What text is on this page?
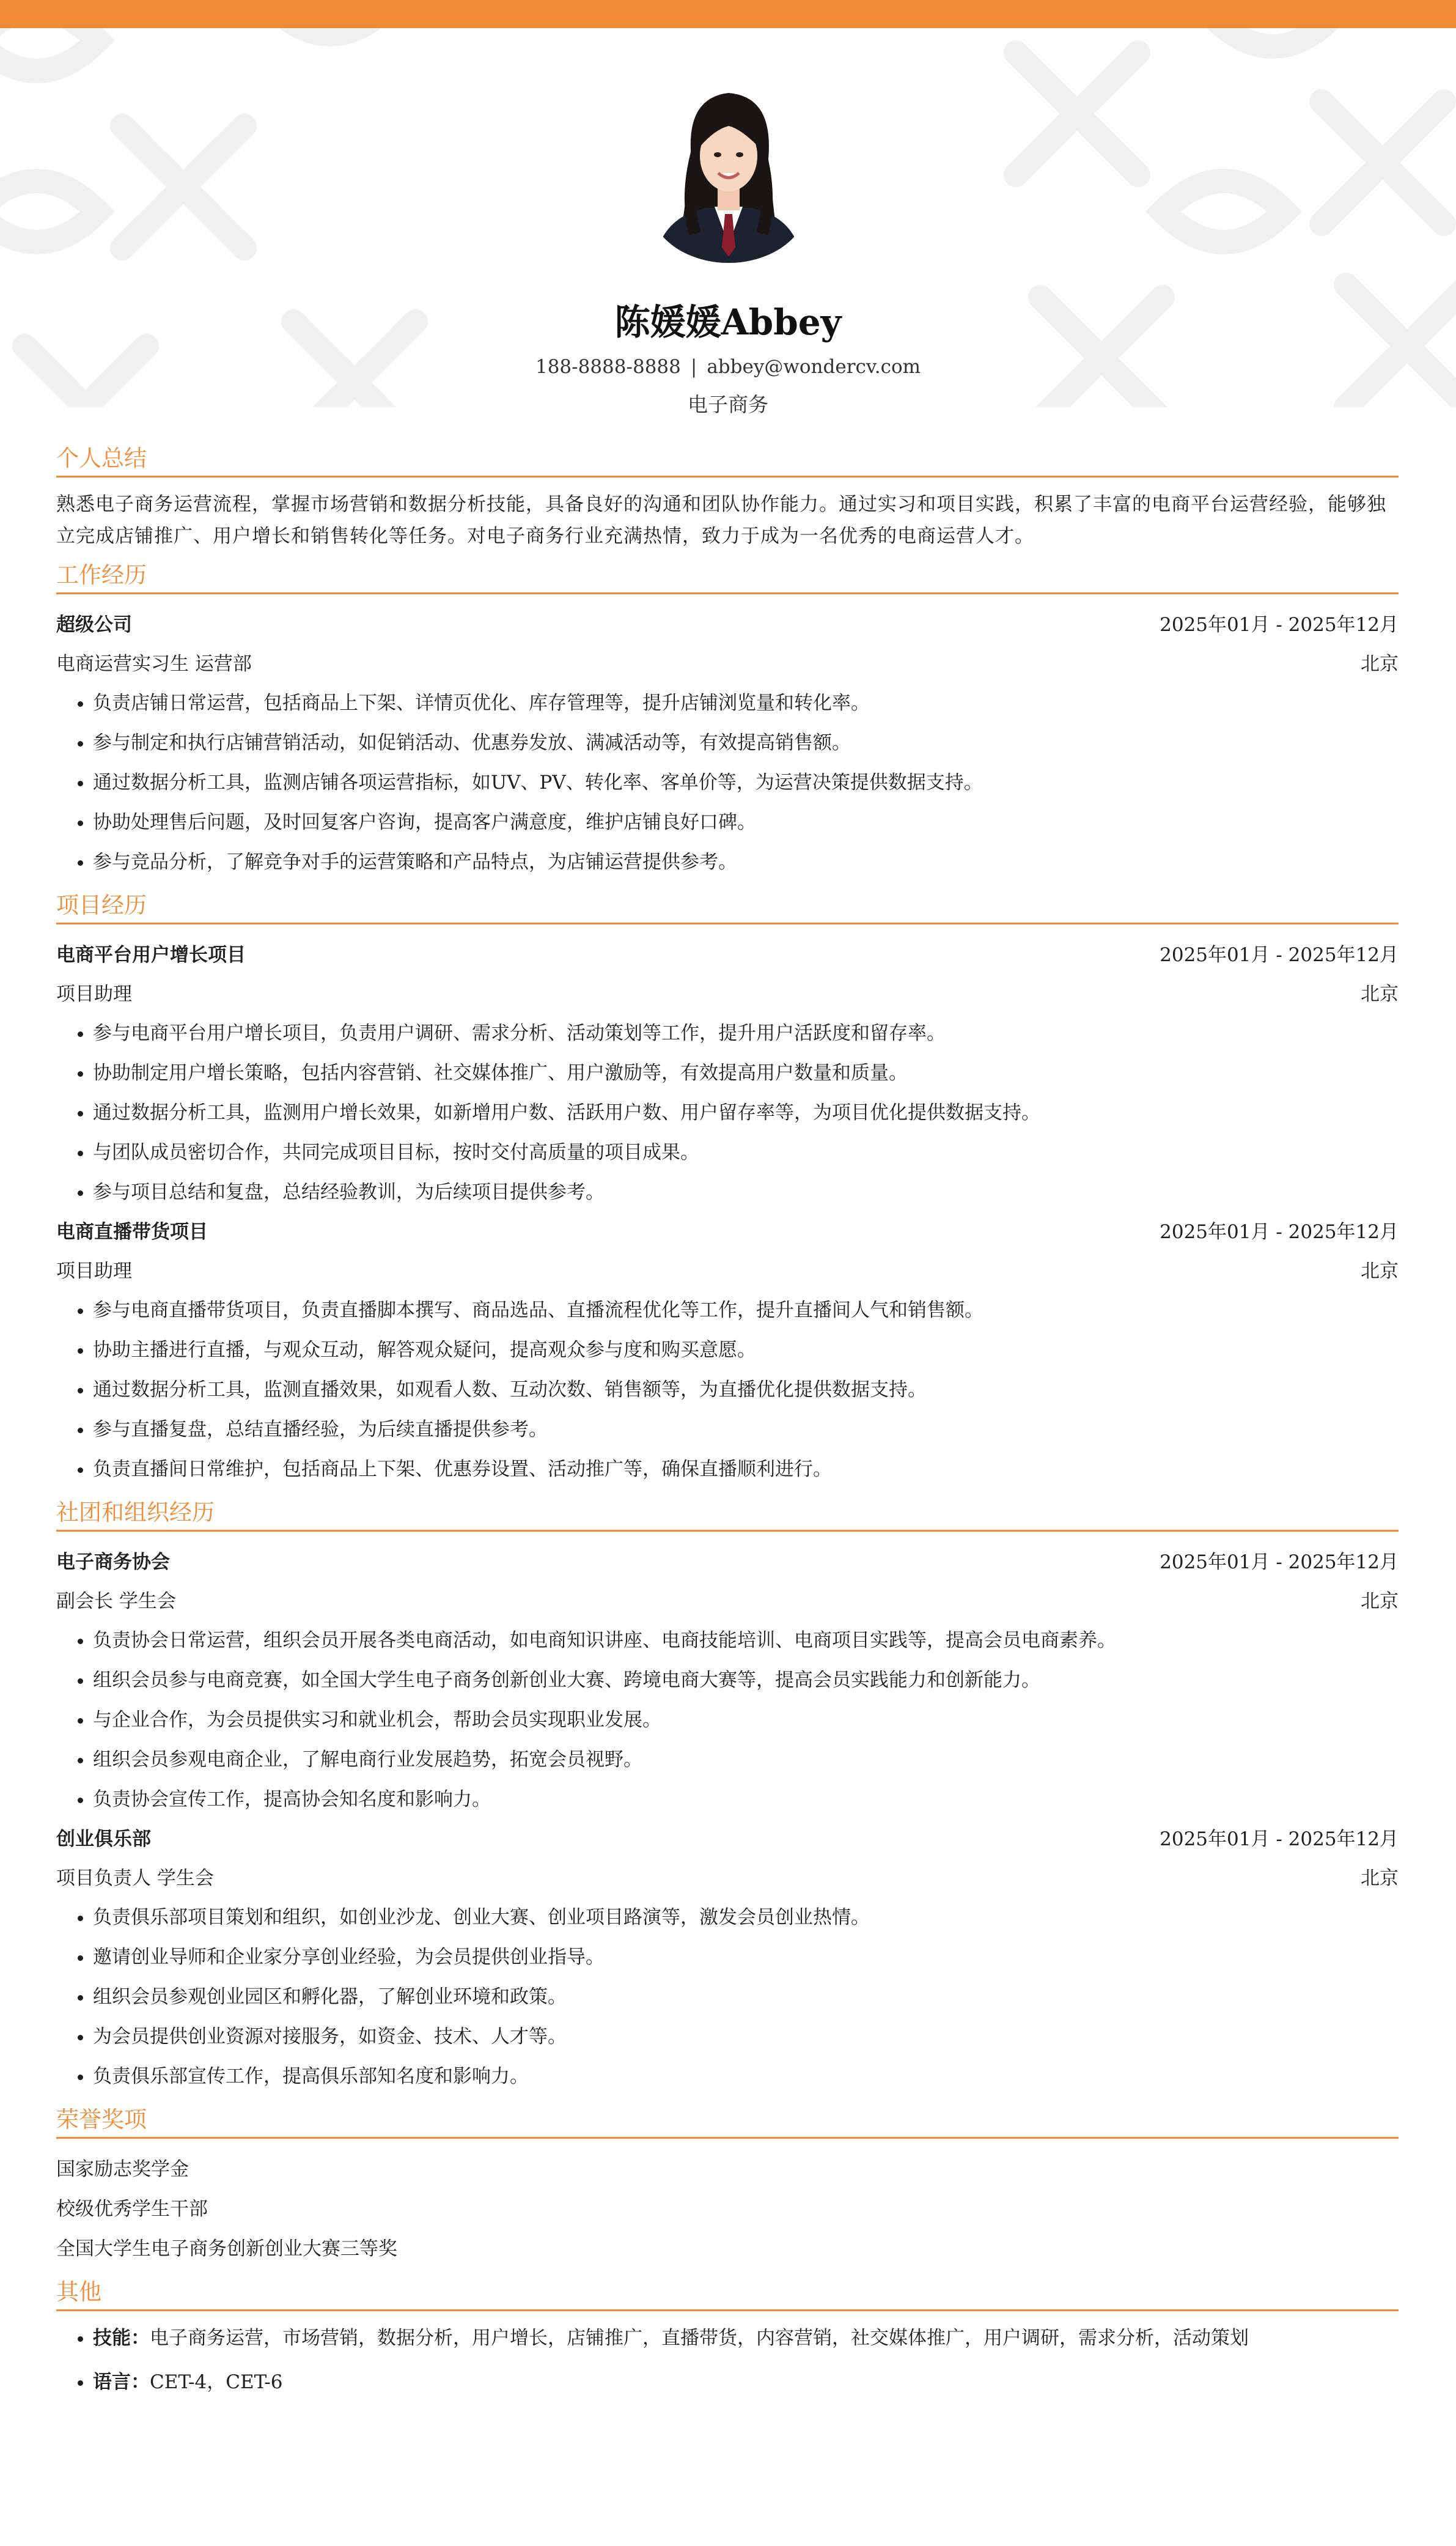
陈媛媛Abbey
188-8888-8888 | abbey@wondercv.com
电子商务
个人总结

熟悉电子商务运营流程，掌握市场营销和数据分析技能，具备良好的沟通和团队协作能力。通过实习和项目实践，积累了丰富的电商平台运营经验，能够独立完成店铺推广、用户增长和销售转化等任务。对电子商务行业充满热情，致力于成为一名优秀的电商运营人才。

工作经历
超级公司	2025年01月 - 2025年12月
电商运营实习生 运营部	北京
• 负责店铺日常运营，包括商品上下架、详情页优化、库存管理等，提升店铺浏览量和转化率。
• 参与制定和执行店铺营销活动，如促销活动、优惠券发放、满减活动等，有效提高销售额。
• 通过数据分析工具，监测店铺各项运营指标，如UV、PV、转化率、客单价等，为运营决策提供数据支持。
• 协助处理售后问题，及时回复客户咨询，提高客户满意度，维护店铺良好口碑。
• 参与竞品分析，了解竞争对手的运营策略和产品特点，为店铺运营提供参考。
项目经历
电商平台用户增长项目	2025年01月 - 2025年12月
项目助理	北京
• 参与电商平台用户增长项目，负责用户调研、需求分析、活动策划等工作，提升用户活跃度和留存率。
• 协助制定用户增长策略，包括内容营销、社交媒体推广、用户激励等，有效提高用户数量和质量。
• 通过数据分析工具，监测用户增长效果，如新增用户数、活跃用户数、用户留存率等，为项目优化提供数据支持。
• 与团队成员密切合作，共同完成项目目标，按时交付高质量的项目成果。
• 参与项目总结和复盘，总结经验教训，为后续项目提供参考。
电商直播带货项目	2025年01月 - 2025年12月
项目助理	北京
• 参与电商直播带货项目，负责直播脚本撰写、商品选品、直播流程优化等工作，提升直播间人气和销售额。
• 协助主播进行直播，与观众互动，解答观众疑问，提高观众参与度和购买意愿。
• 通过数据分析工具，监测直播效果，如观看人数、互动次数、销售额等，为直播优化提供数据支持。
• 参与直播复盘，总结直播经验，为后续直播提供参考。
• 负责直播间日常维护，包括商品上下架、优惠券设置、活动推广等，确保直播顺利进行。
社团和组织经历
电子商务协会	2025年01月 - 2025年12月
副会长 学生会	北京
• 负责协会日常运营，组织会员开展各类电商活动，如电商知识讲座、电商技能培训、电商项目实践等，提高会员电商素养。
• 组织会员参与电商竞赛，如全国大学生电子商务创新创业大赛、跨境电商大赛等，提高会员实践能力和创新能力。
• 与企业合作，为会员提供实习和就业机会，帮助会员实现职业发展。
• 组织会员参观电商企业，了解电商行业发展趋势，拓宽会员视野。
• 负责协会宣传工作，提高协会知名度和影响力。
创业俱乐部	2025年01月 - 2025年12月
项目负责人 学生会	北京
• 负责俱乐部项目策划和组织，如创业沙龙、创业大赛、创业项目路演等，激发会员创业热情。
• 邀请创业导师和企业家分享创业经验，为会员提供创业指导。
• 组织会员参观创业园区和孵化器，了解创业环境和政策。
• 为会员提供创业资源对接服务，如资金、技术、人才等。
• 负责俱乐部宣传工作，提高俱乐部知名度和影响力。
荣誉奖项
国家励志奖学金
校级优秀学生干部
全国大学生电子商务创新创业大赛三等奖
其他
• 技能：电子商务运营，市场营销，数据分析，用户增长，店铺推广，直播带货，内容营销，社交媒体推广，用户调研，需求分析，活动策划
• 语言：CET-4，CET-6
